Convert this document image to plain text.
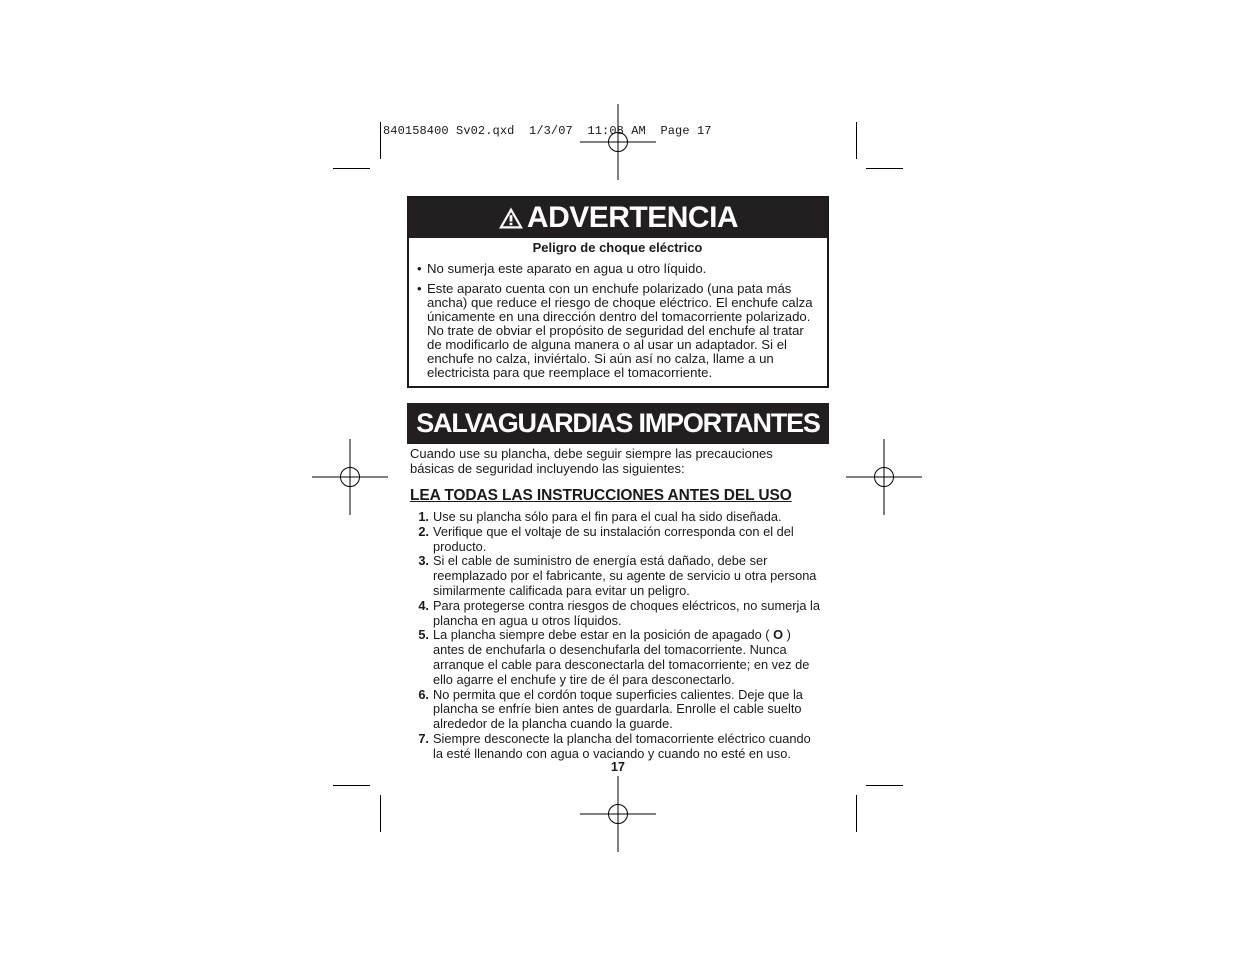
840158400 Sv02.qxd  1/3/07  11:08 AM  Page 17
ADVERTENCIA
Peligro de choque eléctrico
• No sumerja este aparato en agua u otro líquido.
• Este aparato cuenta con un enchufe polarizado (una pata más ancha) que reduce el riesgo de choque eléctrico. El enchufe calza únicamente en una dirección dentro del tomacorriente polarizado. No trate de obviar el propósito de seguridad del enchufe al tratar de modificarlo de alguna manera o al usar un adaptador. Si el enchufe no calza, inviértalo. Si aún así no calza, llame a un electricista para que reemplace el tomacorriente.
SALVAGUARDIAS IMPORTANTES
Cuando use su plancha, debe seguir siempre las precauciones básicas de seguridad incluyendo las siguientes:
LEA TODAS LAS INSTRUCCIONES ANTES DEL USO
1. Use su plancha sólo para el fin para el cual ha sido diseñada.
2. Verifique que el voltaje de su instalación corresponda con el del producto.
3. Si el cable de suministro de energía está dañado, debe ser reemplazado por el fabricante, su agente de servicio u otra persona similarmente calificada para evitar un peligro.
4. Para protegerse contra riesgos de choques eléctricos, no sumerja la plancha en agua u otros líquidos.
5. La plancha siempre debe estar en la posición de apagado ( O ) antes de enchufarla o desenchufarla del tomacorriente. Nunca arranque el cable para desconectarla del tomacorriente; en vez de ello agarre el enchufe y tire de él para desconectarlo.
6. No permita que el cordón toque superficies calientes. Deje que la plancha se enfríe bien antes de guardarla. Enrolle el cable suelto alrededor de la plancha cuando la guarde.
7. Siempre desconecte la plancha del tomacorriente eléctrico cuando la esté llenando con agua o vaciando y cuando no esté en uso.
17
